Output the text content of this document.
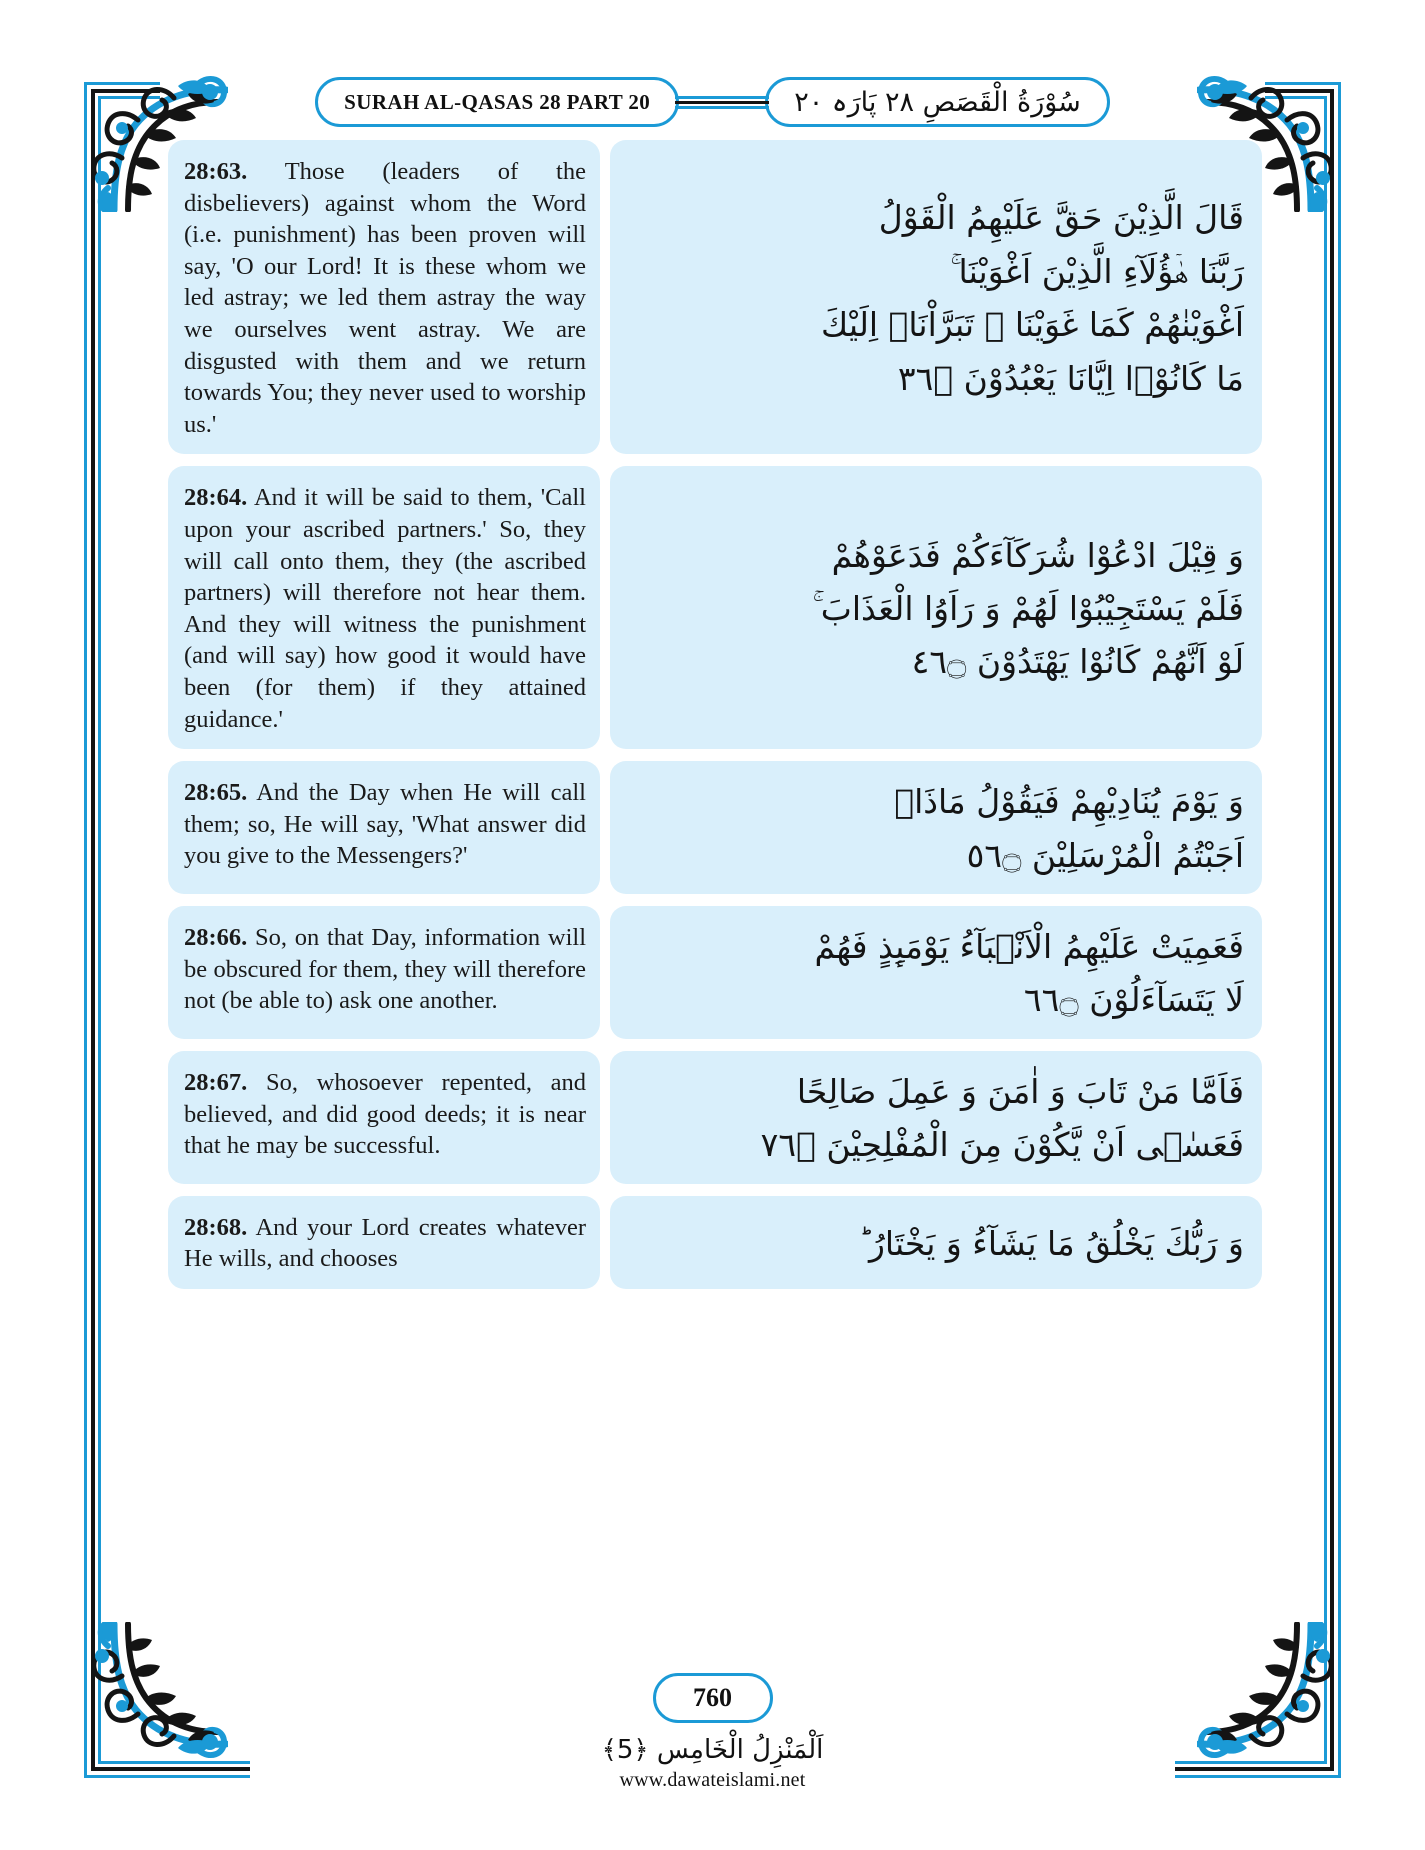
SURAH AL-QASAS 28 PART 20	سُوْرَةُ الْقَصَصِ ٢٨ پَارَہ ٢٠

28:63. Those (leaders of the disbelievers) against whom the Word (i.e. punishment) has been proven will say, 'O our Lord! It is these whom we led astray; we led them astray the way we ourselves went astray. We are disgusted with them and we return towards You; they never used to worship us.'

قَالَ الَّذِيْنَ حَقَّ عَلَيْهِمُ الْقَوْلُ
رَبَّنَا هٰۤؤُلَآءِ الَّذِيْنَ اَغْوَيْنَا ۚ
اَغْوَيْنٰهُمْ كَمَا غَوَيْنَا ۚ تَبَرَّاْنَاۤ اِلَيْكَ
مَا كَانُوْۤا اِيَّانَا يَعْبُدُوْنَ ۝٦٣

28:64. And it will be said to them, 'Call upon your ascribed partners.' So, they will call onto them, they (the ascribed partners) will therefore not hear them. And they will witness the punishment (and will say) how good it would have been (for them) if they attained guidance.'

وَ قِيْلَ ادْعُوْا شُرَكَآءَكُمْ فَدَعَوْهُمْ
فَلَمْ يَسْتَجِيْبُوْا لَهُمْ وَ رَاَوُا الْعَذَابَ ۚ
لَوْ اَنَّهُمْ كَانُوْا يَهْتَدُوْنَ ۝٦٤

28:65. And the Day when He will call them; so, He will say, 'What answer did you give to the Messengers?'

وَ يَوْمَ يُنَادِيْهِمْ فَيَقُوْلُ مَاذَاۤ
اَجَبْتُمُ الْمُرْسَلِيْنَ ۝٦٥

28:66. So, on that Day, information will be obscured for them, they will therefore not (be able to) ask one another.

فَعَمِيَتْ عَلَيْهِمُ الْاَنْۢبَآءُ يَوْمَىِٕذٍ فَهُمْ
لَا يَتَسَآءَلُوْنَ ۝٦٦

28:67. So, whosoever repented, and believed, and did good deeds; it is near that he may be successful.

فَاَمَّا مَنْ تَابَ وَ اٰمَنَ وَ عَمِلَ صَالِحًا
فَعَسٰۤى اَنْ يَّكُوْنَ مِنَ الْمُفْلِحِيْنَ ۝٦٧

28:68. And your Lord creates whatever He wills, and chooses	وَ رَبُّكَ يَخْلُقُ مَا يَشَآءُ وَ يَخْتَارُ ؕ
760
اَلْمَنْزِلُ الْخَامِس ﴿5﴾
www.dawateislami.net
